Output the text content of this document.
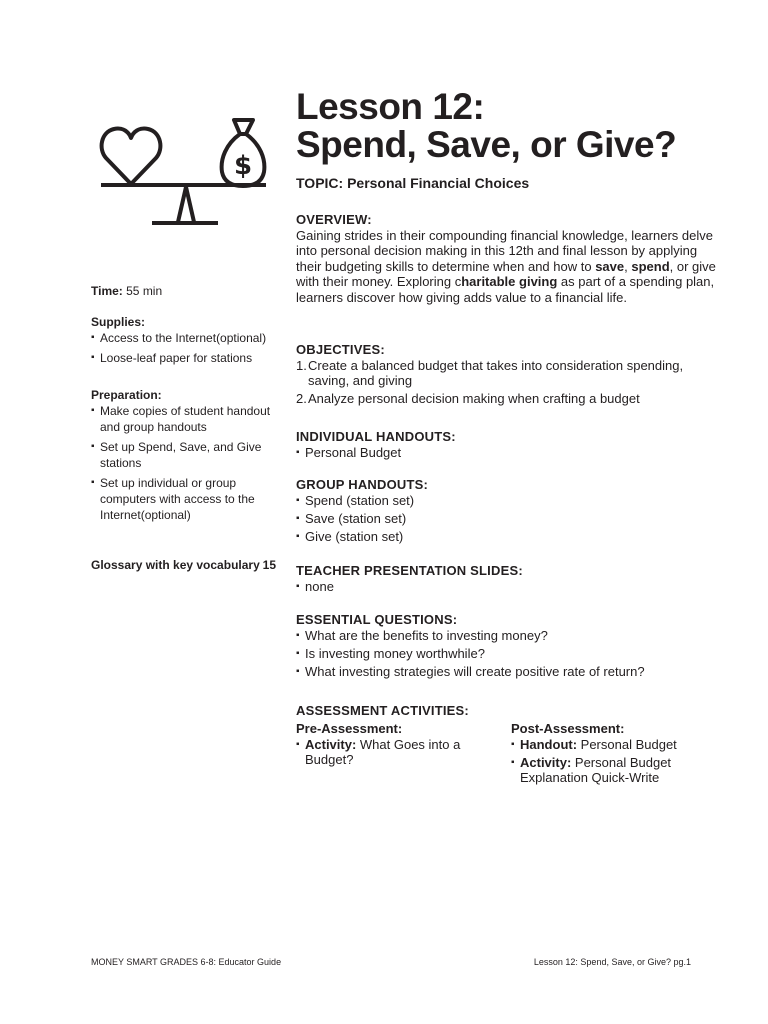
$
Lesson 12:
Spend, Save, or Give?
TOPIC: Personal Financial Choices
OVERVIEW:
Gaining strides in their compounding financial knowledge, learners delve into personal decision making in this 12th and final lesson by applying their budgeting skills to determine when and how to save, spend, or give with their money. Exploring charitable giving as part of a spending plan, learners discover how giving adds value to a financial life.
OBJECTIVES:
1. Create a balanced budget that takes into consideration spending, saving, and giving
2. Analyze personal decision making when crafting a budget
INDIVIDUAL HANDOUTS:
▪ Personal Budget
GROUP HANDOUTS:
▪ Spend (station set)
▪ Save (station set)
▪ Give (station set)
TEACHER PRESENTATION SLIDES:
▪ none
ESSENTIAL QUESTIONS:
▪ What are the benefits to investing money?
▪ Is investing money worthwhile?
▪ What investing strategies will create positive rate of return?
ASSESSMENT ACTIVITIES:
Pre-Assessment:
▪ Activity: What Goes into a Budget?
Post-Assessment:
▪ Handout: Personal Budget
▪ Activity: Personal Budget Explanation Quick-Write
Time: 55 min
Supplies:
▪ Access to the Internet(optional)
▪ Loose-leaf paper for stations
Preparation:
▪ Make copies of student handout and group handouts
▪ Set up Spend, Save, and Give stations
▪ Set up individual or group computers with access to the Internet(optional)
Glossary with key vocabulary 15
MONEY SMART GRADES 6-8: Educator Guide	Lesson 12: Spend, Save, or Give? pg.1
